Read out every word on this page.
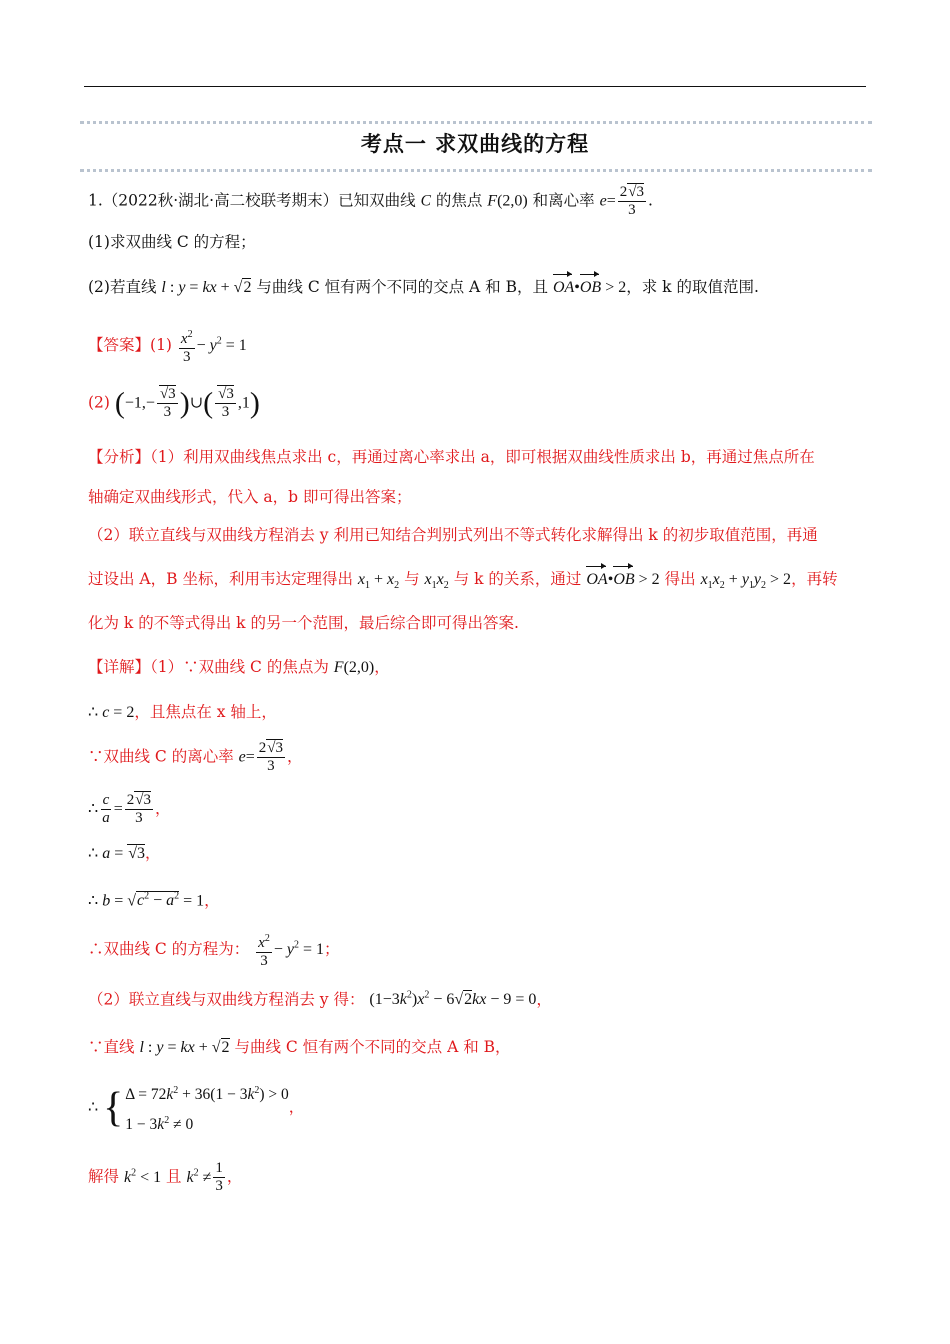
考点一 求双曲线的方程
1.（2022秋·湖北·高二校联考期末）已知双曲线 C 的焦点 F(2,0) 和离心率 $e= \frac{2√3}{3}$ .
(1)求双曲线 C 的方程；
(2)若直线 l : y = kx + √2 与曲线 C 恒有两个不同的交点 A 和 B，且 OA•OB > 2，求 k 的取值范围.
【答案】$(1) \frac{x^2}{3} - y^2 = 1$
(2) ($-1,- \frac{√3}{3}$ )∪( $\frac{√3}{3} ,1$)
【分析】（1）利用双曲线焦点求出 c，再通过离心率求出 a，即可根据双曲线性质求出 b，再通过焦点所在
轴确定双曲线形式，代入 a，b 即可得出答案；
（2）联立直线与双曲线方程消去 y 利用已知结合判别式列出不等式转化求解得出 k 的初步取值范围，再通
过设出 A，B 坐标，利用韦达定理得出 $x_1 + x_2$ 与 $x_1x_2$ 与 k 的关系，通过 OA•OB > 2 得出 $x_1x_2 + y_1y_2 > 2$，再转
化为 k 的不等式得出 k 的另一个范围，最后综合即可得出答案.
【详解】（1）∵双曲线 C 的焦点为 F(2,0)，
∴ c = 2，且焦点在 x 轴上，
∵双曲线 C 的离心率 $e= \frac{2√3}{3}$ ，
∴ $\frac{c}{a} = \frac{2√3}{3}$ ，
∴ a = √3，
∴ $b = √c^2 - a^2 = 1$，
∴双曲线 C 的方程为： $\frac{x^2}{3} - y^2 = 1$；
（2）联立直线与双曲线方程消去 y 得： $(1-3k^2)x^2 - 6√2kx - 9 = 0$，
∵直线 l : y = kx + √2 与曲线 C 恒有两个不同的交点 A 和 B，
∴ { $\Delta = 72k^2 + 36(1 - 3k^2) > 0$
$1 - 3k^2 \ne 0$
，
解得 $k^2 < 1$ 且 $k^2 \ne \frac{1}{3}$ ，
